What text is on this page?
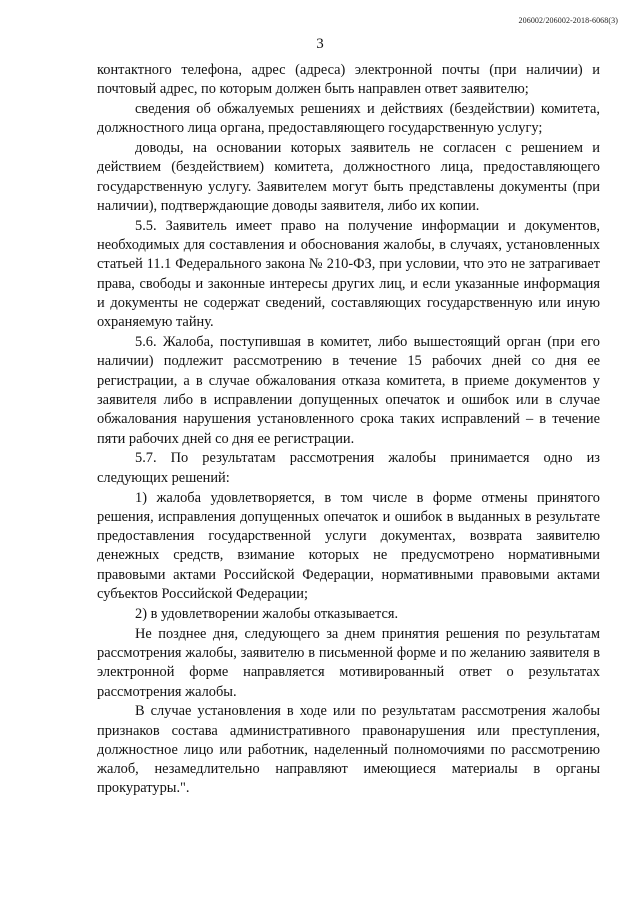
206002/206002-2018-6068(3)
3

контактного телефона, адрес (адреса) электронной почты (при наличии) и почтовый адрес, по которым должен быть направлен ответ заявителю;

сведения об обжалуемых решениях и действиях (бездействии) комитета, должностного лица органа, предоставляющего государственную услугу;

доводы, на основании которых заявитель не согласен с решением и действием (бездействием) комитета, должностного лица, предоставляющего государственную услугу. Заявителем могут быть представлены документы (при наличии), подтверждающие доводы заявителя, либо их копии.

5.5. Заявитель имеет право на получение информации и документов, необходимых для составления и обоснования жалобы, в случаях, установленных статьей 11.1 Федерального закона № 210-ФЗ, при условии, что это не затрагивает права, свободы и законные интересы других лиц, и если указанные информация и документы не содержат сведений, составляющих государственную или иную охраняемую тайну.

5.6. Жалоба, поступившая в комитет, либо вышестоящий орган (при его наличии) подлежит рассмотрению в течение 15 рабочих дней со дня ее регистрации, а в случае обжалования отказа комитета, в приеме документов у заявителя либо в исправлении допущенных опечаток и ошибок или в случае обжалования нарушения установленного срока таких исправлений – в течение пяти рабочих дней со дня ее регистрации.

5.7. По результатам рассмотрения жалобы принимается одно из следующих решений:

1) жалоба удовлетворяется, в том числе в форме отмены принятого решения, исправления допущенных опечаток и ошибок в выданных в результате предоставления государственной услуги документах, возврата заявителю денежных средств, взимание которых не предусмотрено нормативными правовыми актами Российской Федерации, нормативными правовыми актами субъектов Российской Федерации;

2) в удовлетворении жалобы отказывается.

Не позднее дня, следующего за днем принятия решения по результатам рассмотрения жалобы, заявителю в письменной форме и по желанию заявителя в электронной форме направляется мотивированный ответ о результатах рассмотрения жалобы.

В случае установления в ходе или по результатам рассмотрения жалобы признаков состава административного правонарушения или преступления, должностное лицо или работник, наделенный полномочиями по рассмотрению жалоб, незамедлительно направляют имеющиеся материалы в органы прокуратуры.".
